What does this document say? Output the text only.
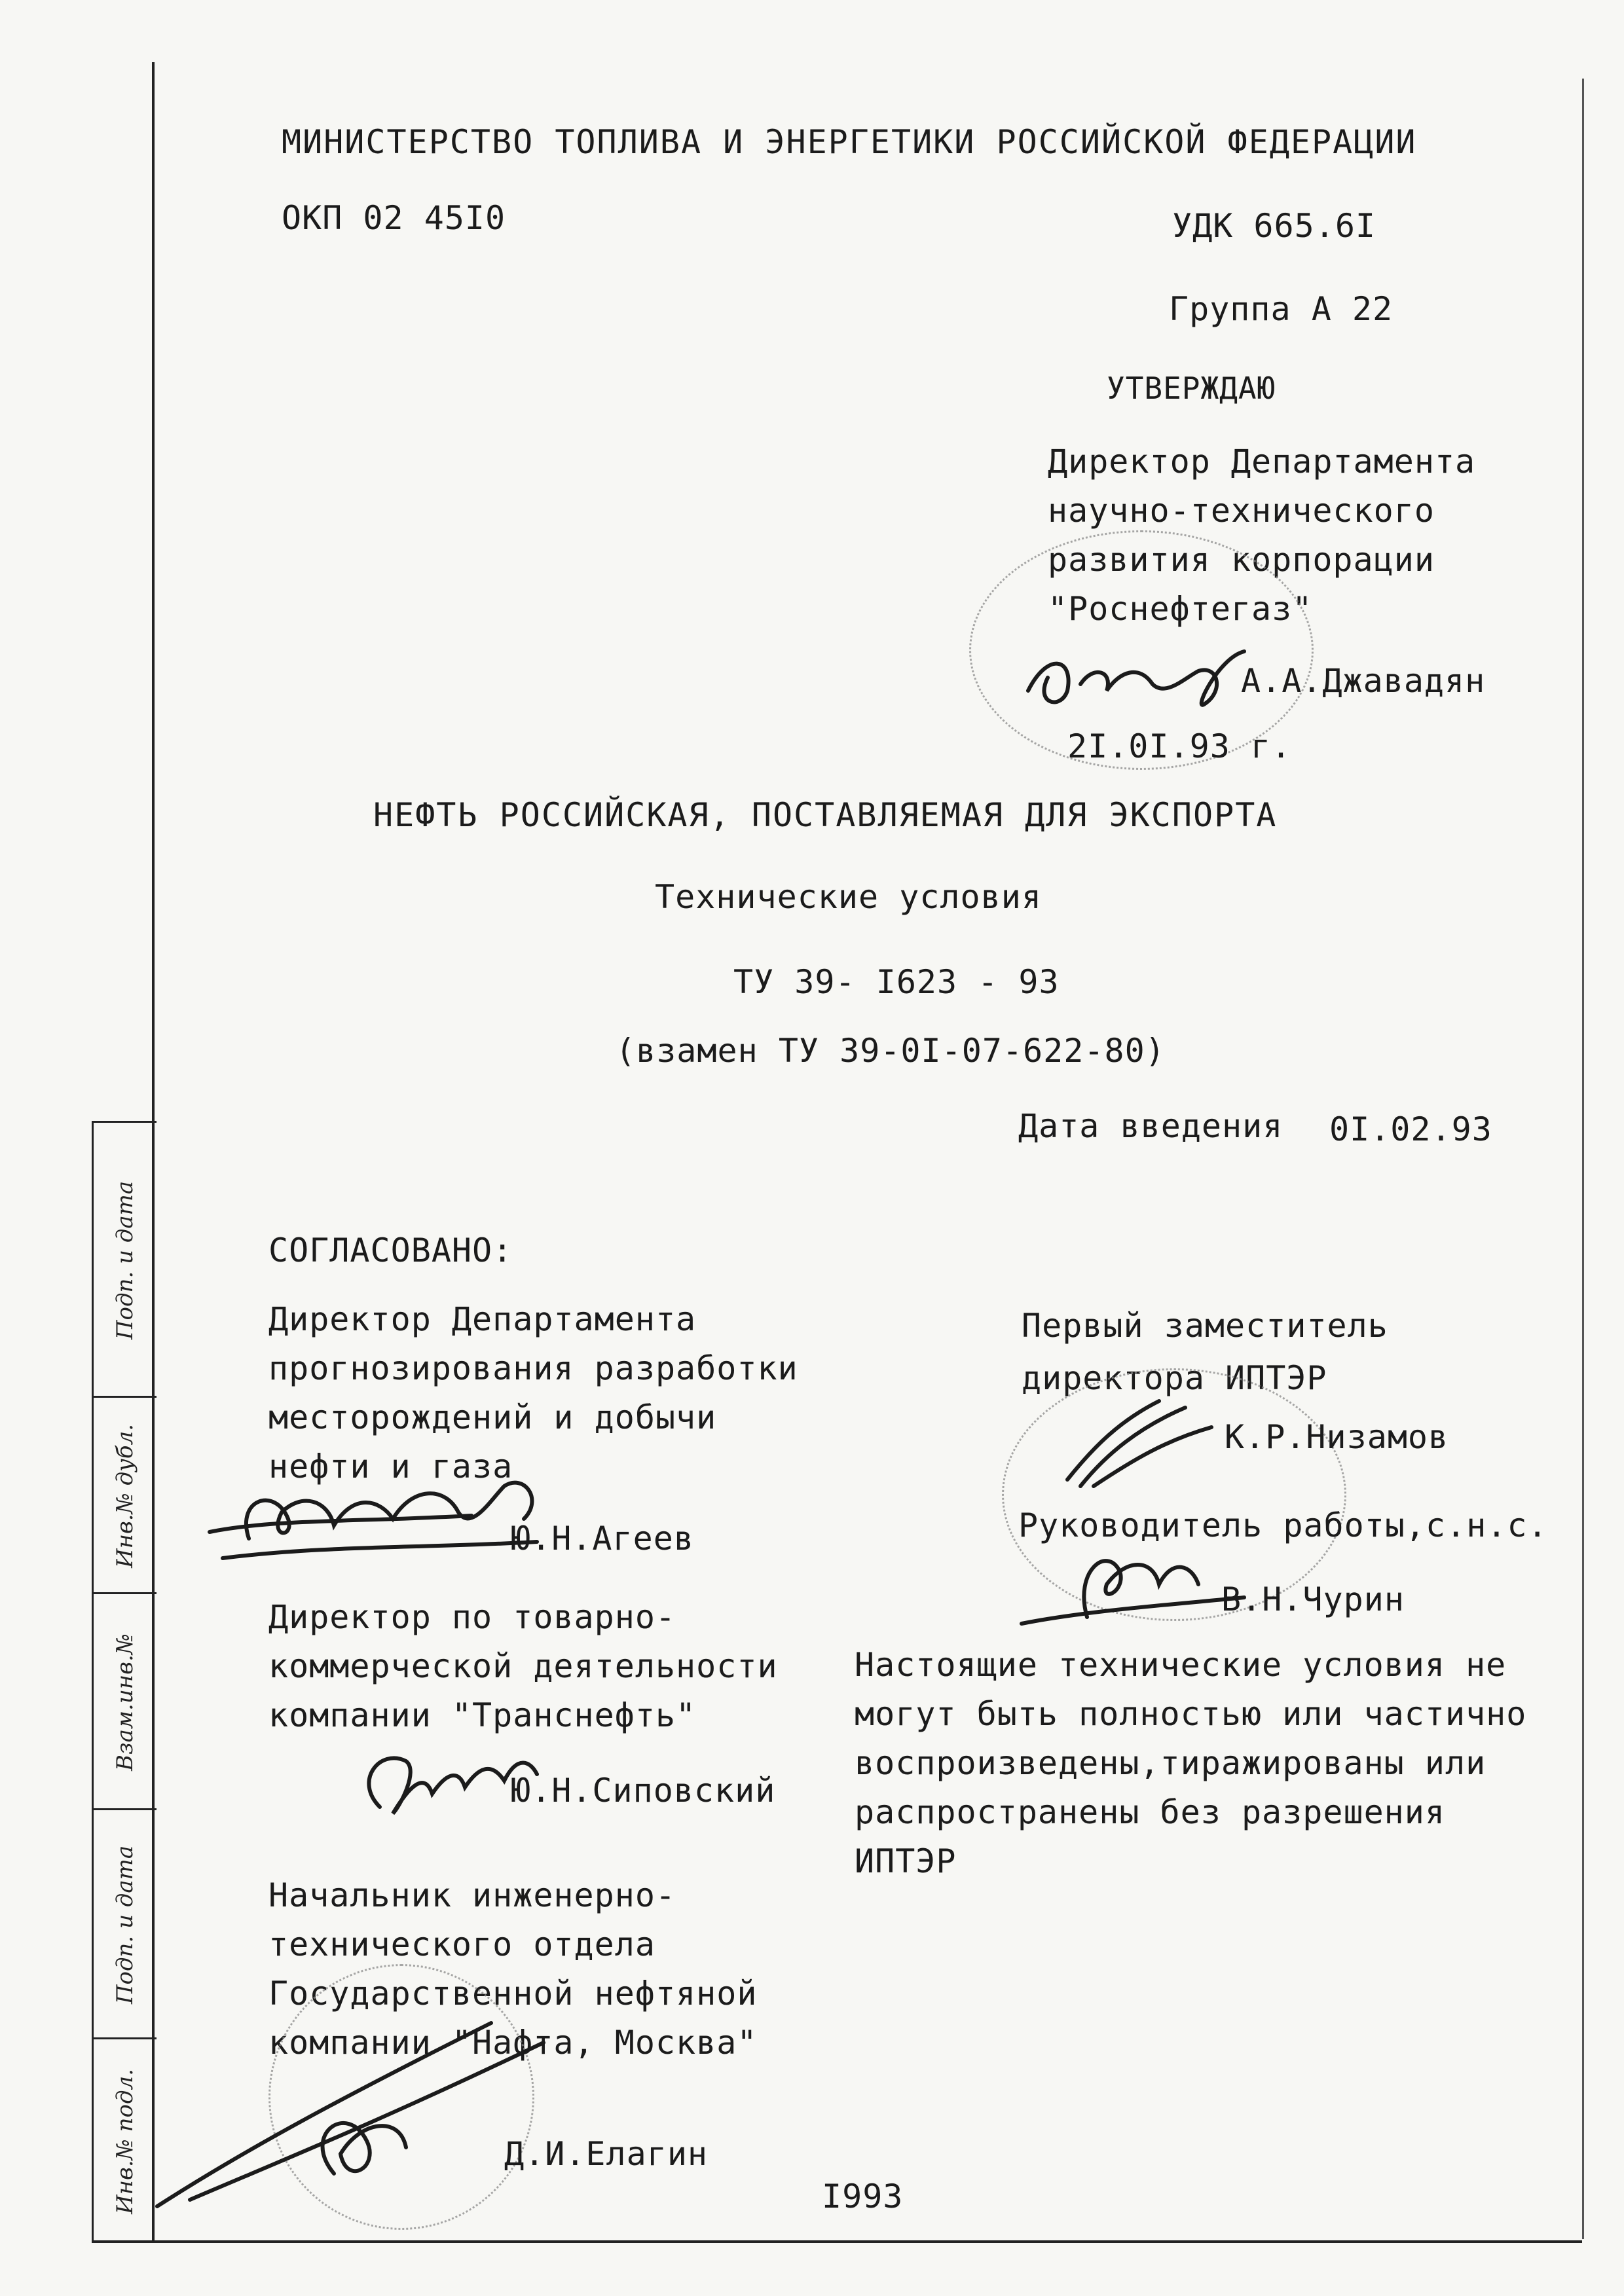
Подп. и дата
Инв.№ дубл.
Взам.инв.№
Подп. и дата
Инв.№ подл.
МИНИСТЕРСТВО ТОПЛИВА И ЭНЕРГЕТИКИ РОССИЙСКОЙ ФЕДЕРАЦИИ
ОКП 02 45I0	УДК 665.6I
Группа А 22
УТВЕРЖДАЮ
Директор Департамента
научно-технического
развития корпорации
"Роснефтегаз"
А.А.Джавадян
2I.0I.93 г.
НЕФТЬ РОССИЙСКАЯ, ПОСТАВЛЯЕМАЯ ДЛЯ ЭКСПОРТА
Технические условия
ТУ 39- I623 - 93
(взамен ТУ 39-0I-07-622-80)
Дата введения 0I.02.93
СОГЛАСОВАНО:
Директор Департамента
прогнозирования разработки
месторождений и добычи
нефти и газа
Ю.Н.Агеев
Директор по товарно-
коммерческой деятельности
компании "Транснефть"
Ю.Н.Сиповский
Начальник инженерно-
технического отдела
Государственной нефтяной
компании "Нафта, Москва"
Д.И.Елагин
Первый заместитель
директора ИПТЭР
К.Р.Низамов
Руководитель работы,с.н.с.
В.Н.Чурин
Настоящие технические условия не
могут быть полностью или частично
воспроизведены,тиражированы или
распространены без разрешения
ИПТЭР
I993
